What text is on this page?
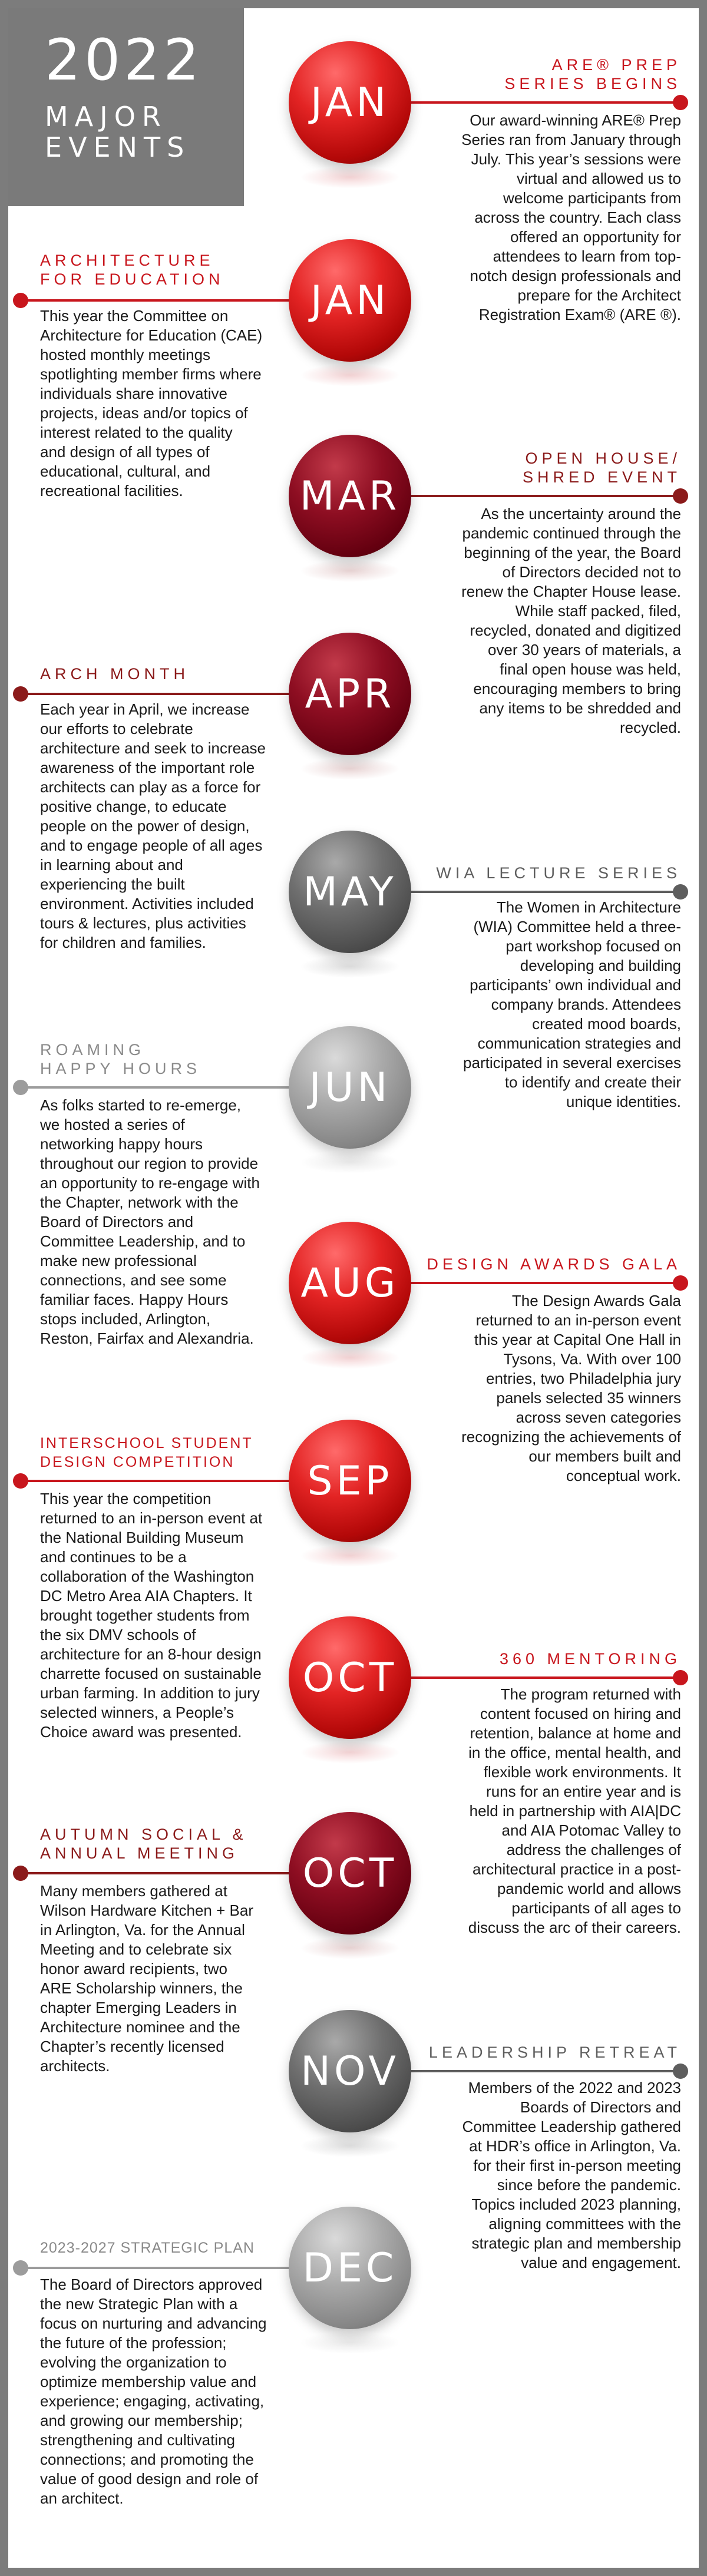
2022
MAJOR
EVENTS
JAN
ARE® PREP
SERIES BEGINS
Our award-winning ARE® Prep
Series ran from January through
July. This year’s sessions were
virtual and allowed us to
welcome participants from
across the country. Each class
offered an opportunity for
attendees to learn from top-
notch design professionals and
prepare for the Architect
Registration Exam® (ARE ®).
JAN
ARCHITECTURE
FOR EDUCATION
This year the Committee on
Architecture for Education (CAE)
hosted monthly meetings
spotlighting member firms where
individuals share innovative
projects, ideas and/or topics of
interest related to the quality
and design of all types of
educational, cultural, and
recreational facilities.	MAR
OPEN HOUSE/
SHRED EVENT
As the uncertainty around the
pandemic continued through the
beginning of the year, the Board
of Directors decided not to
renew the Chapter House lease.
While staff packed, filed,
recycled, donated and digitized
over 30 years of materials, a
final open house was held,
encouraging members to bring
any items to be shredded and
recycled.
APR
ARCH MONTH
Each year in April, we increase
our efforts to celebrate
architecture and seek to increase
awareness of the important role
architects can play as a force for
positive change, to educate
people on the power of design,
and to engage people of all ages
in learning about and
experiencing the built
environment. Activities included
tours & lectures, plus activities
for children and families.
MAY	WIA LECTURE SERIES
The Women in Architecture
(WIA) Committee held a three-
part workshop focused on
developing and building
participants’ own individual and
company brands. Attendees
created mood boards,
communication strategies and
participated in several exercises
to identify and create their
unique identities.
JUN
ROAMING
HAPPY HOURS
As folks started to re-emerge,
we hosted a series of
networking happy hours
throughout our region to provide
an opportunity to re-engage with
the Chapter, network with the
Board of Directors and
Committee Leadership, and to
make new professional
connections, and see some
familiar faces. Happy Hours
stops included, Arlington,
Reston, Fairfax and Alexandria.
AUG	DESIGN AWARDS GALA
The Design Awards Gala
returned to an in-person event
this year at Capital One Hall in
Tysons, Va. With over 100
entries, two Philadelphia jury
panels selected 35 winners
across seven categories
recognizing the achievements of
our members built and
conceptual work.
SEP
INTERSCHOOL STUDENT
DESIGN COMPETITION
This year the competition
returned to an in-person event at
the National Building Museum
and continues to be a
collaboration of the Washington
DC Metro Area AIA Chapters. It
brought together students from
the six DMV schools of
architecture for an 8-hour design
charrette focused on sustainable
urban farming. In addition to jury
selected winners, a People’s
Choice award was presented.
OCT	360 MENTORING
The program returned with
content focused on hiring and
retention, balance at home and
in the office, mental health, and
flexible work environments. It
runs for an entire year and is
held in partnership with AIA|DC
and AIA Potomac Valley to
address the challenges of
architectural practice in a post-
pandemic world and allows
participants of all ages to
discuss the arc of their careers.
OCT
AUTUMN SOCIAL &
ANNUAL MEETING
Many members gathered at
Wilson Hardware Kitchen + Bar
in Arlington, Va. for the Annual
Meeting and to celebrate six
honor award recipients, two
ARE Scholarship winners, the
chapter Emerging Leaders in
Architecture nominee and the
Chapter’s recently licensed
architects.	NOV	LEADERSHIP RETREAT
Members of the 2022 and 2023
Boards of Directors and
Committee Leadership gathered
at HDR’s office in Arlington, Va.
for their first in-person meeting
since before the pandemic.
Topics included 2023 planning,
aligning committees with the
strategic plan and membership
value and engagement.
DEC
2023-2027 STRATEGIC PLAN
The Board of Directors approved
the new Strategic Plan with a
focus on nurturing and advancing
the future of the profession;
evolving the organization to
optimize membership value and
experience; engaging, activating,
and growing our membership;
strengthening and cultivating
connections; and promoting the
value of good design and role of
an architect.
